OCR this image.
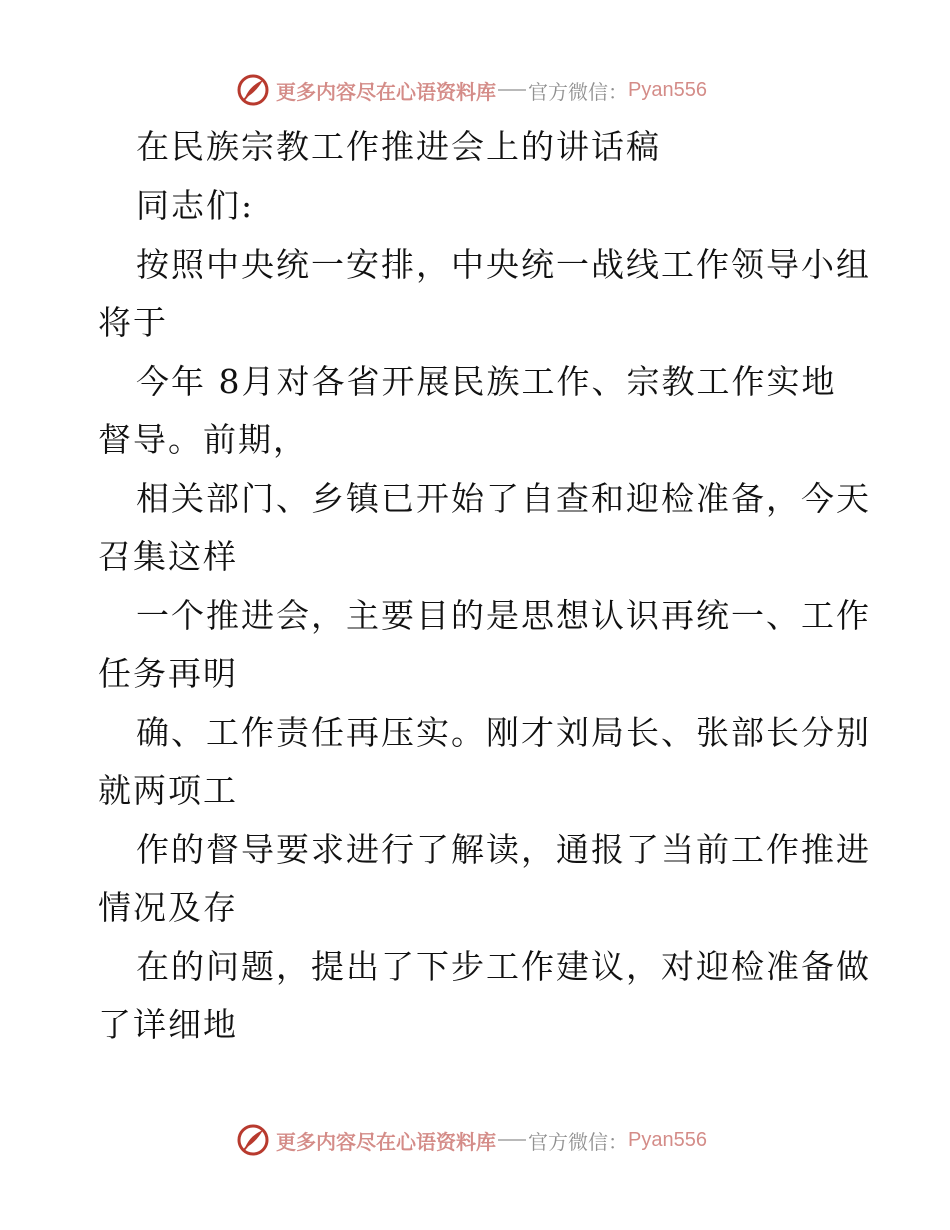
更多内容尽在心语资料库 官方微信： Pyan556
在民族宗教工作推进会上的讲话稿
同志们:
按照中央统一安排，中央统一战线工作领导小组
将于
今年 8月对各省开展民族工作、宗教工作实地
督导。前期，
相关部门、乡镇已开始了自查和迎检准备，今天
召集这样
一个推进会，主要目的是思想认识再统一、工作
任务再明
确、工作责任再压实。刚才刘局长、张部长分别
就两项工
作的督导要求进行了解读，通报了当前工作推进
情况及存
在的问题，提出了下步工作建议，对迎检准备做
了详细地
更多内容尽在心语资料库 官方微信： Pyan556
